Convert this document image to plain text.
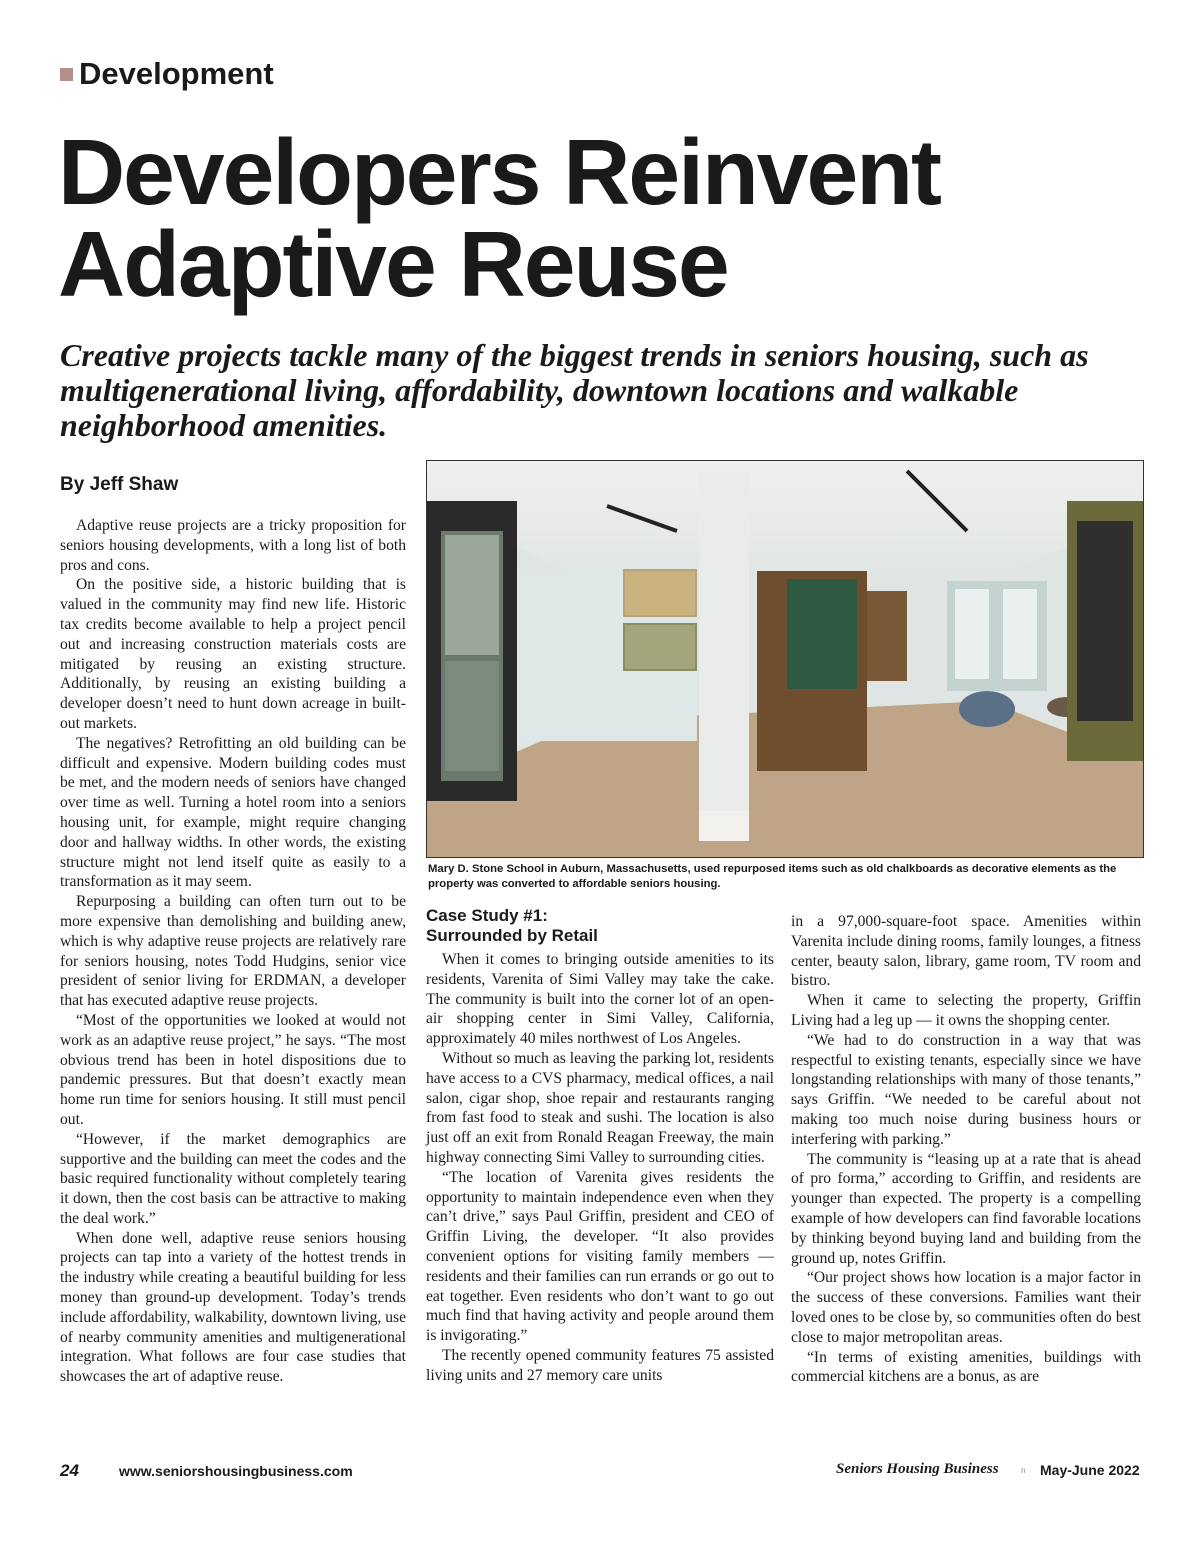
Development
Developers Reinvent
Adaptive Reuse

Creative projects tackle many of the biggest trends in seniors housing, such as multigenerational living, affordability, downtown locations and walkable neighborhood amenities.

By Jeff Shaw

Adaptive reuse projects are a tricky proposition for seniors housing developments, with a long list of both pros and cons.

On the positive side, a historic building that is valued in the community may find new life. Historic tax credits become available to help a project pencil out and increasing construction materials costs are mitigated by reusing an existing structure. Additionally, by reusing an existing building a developer doesn’t need to hunt down acreage in built-out markets.

The negatives? Retrofitting an old building can be difficult and expensive. Modern building codes must be met, and the modern needs of seniors have changed over time as well. Turning a hotel room into a seniors housing unit, for example, might require changing door and hallway widths. In other words, the existing structure might not lend itself quite as easily to a transformation as it may seem.

Repurposing a building can often turn out to be more expensive than demolishing and building anew, which is why adaptive reuse projects are relatively rare for seniors housing, notes Todd Hudgins, senior vice president of senior living for ERDMAN, a developer that has executed adaptive reuse projects.

“Most of the opportunities we looked at would not work as an adaptive reuse project,” he says. “The most obvious trend has been in hotel dispositions due to pandemic pressures. But that doesn’t exactly mean home run time for seniors housing. It still must pencil out.

“However, if the market demographics are supportive and the building can meet the codes and the basic required functionality without completely tearing it down, then the cost basis can be attractive to making the deal work.”

When done well, adaptive reuse seniors housing projects can tap into a variety of the hottest trends in the industry while creating a beautiful building for less money than ground-up development. Today’s trends include affordability, walkability, downtown living, use of nearby community amenities and multigenerational integration. What follows are four case studies that showcases the art of adaptive reuse.

Mary D. Stone School in Auburn, Massachusetts, used repurposed items such as old chalkboards as decorative elements as the property was converted to affordable seniors housing.
Case Study #1:
Surrounded by Retail

When it comes to bringing outside amenities to its residents, Varenita of Simi Valley may take the cake. The community is built into the corner lot of an open-air shopping center in Simi Valley, California, approximately 40 miles northwest of Los Angeles.

Without so much as leaving the parking lot, residents have access to a CVS pharmacy, medical offices, a nail salon, cigar shop, shoe repair and restaurants ranging from fast food to steak and sushi. The location is also just off an exit from Ronald Reagan Freeway, the main highway connecting Simi Valley to surrounding cities.

“The location of Varenita gives residents the opportunity to maintain independence even when they can’t drive,” says Paul Griffin, president and CEO of Griffin Living, the developer. “It also provides convenient options for visiting family members — residents and their families can run errands or go out to eat together. Even residents who don’t want to go out much find that having activity and people around them is invigorating.”

The recently opened community features 75 assisted living units and 27 memory care units

in a 97,000-square-foot space. Amenities within Varenita include dining rooms, family lounges, a fitness center, beauty salon, library, game room, TV room and bistro.

When it came to selecting the property, Griffin Living had a leg up — it owns the shopping center.

“We had to do construction in a way that was respectful to existing tenants, especially since we have longstanding relationships with many of those tenants,” says Griffin. “We needed to be careful about not making too much noise during business hours or interfering with parking.”

The community is “leasing up at a rate that is ahead of pro forma,” according to Griffin, and residents are younger than expected. The property is a compelling example of how developers can find favorable locations by thinking beyond buying land and building from the ground up, notes Griffin.

“Our project shows how location is a major factor in the success of these conversions. Families want their loved ones to be close by, so communities often do best close to major metropolitan areas.

“In terms of existing amenities, buildings with commercial kitchens are a bonus, as are

24	www.seniorshousingbusiness.com	Seniors Housing Business	n May-June 2022
